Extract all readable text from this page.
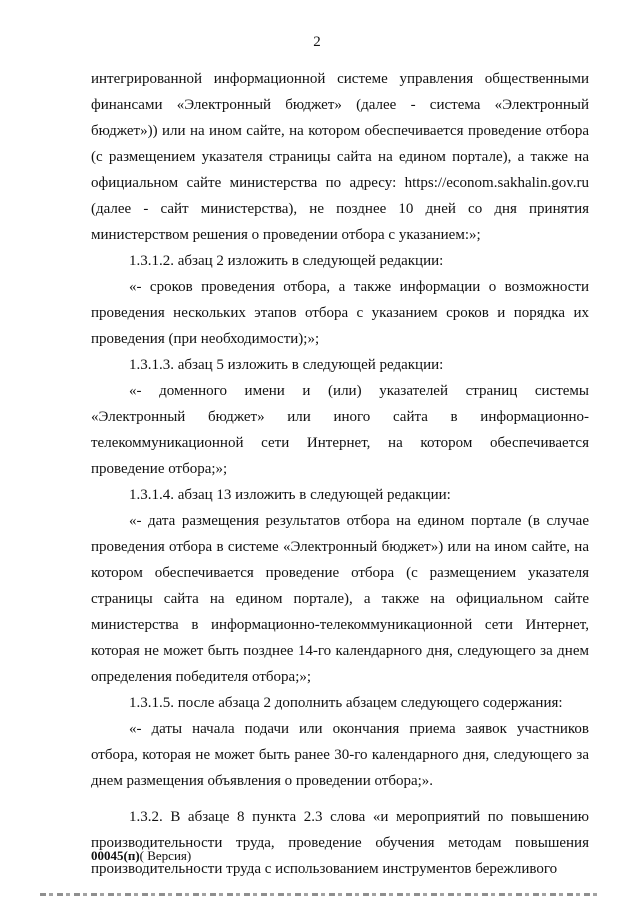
2

интегрированной информационной системе управления общественными финансами «Электронный бюджет» (далее - система «Электронный бюджет»)) или на ином сайте, на котором обеспечивается проведение отбора (с размещением указателя страницы сайта на едином портале), а также на официальном сайте министерства по адресу: https://econom.sakhalin.gov.ru (далее - сайт министерства), не позднее 10 дней со дня принятия министерством решения о проведении отбора с указанием:»;

1.3.1.2. абзац 2 изложить в следующей редакции:

«- сроков проведения отбора, а также информации о возможности проведения нескольких этапов отбора с указанием сроков и порядка их проведения (при необходимости);»;

1.3.1.3. абзац 5 изложить в следующей редакции:

«- доменного имени и (или) указателей страниц системы «Электронный бюджет» или иного сайта в информационно-телекоммуникационной сети Интернет, на котором обеспечивается проведение отбора;»;

1.3.1.4. абзац 13 изложить в следующей редакции:

«- дата размещения результатов отбора на едином портале (в случае проведения отбора в системе «Электронный бюджет») или на ином сайте, на котором обеспечивается проведение отбора (с размещением указателя страницы сайта на едином портале), а также на официальном сайте министерства в информационно-телекоммуникационной сети Интернет, которая не может быть позднее 14-го календарного дня, следующего за днем определения победителя отбора;»;

1.3.1.5. после абзаца 2 дополнить абзацем следующего содержания:

«- даты начала подачи или окончания приема заявок участников отбора, которая не может быть ранее 30-го календарного дня, следующего за днем размещения объявления о проведении отбора;».

1.3.2. В абзаце 8 пункта 2.3 слова «и мероприятий по повышению производительности труда, проведение обучения методам повышения производительности труда с использованием инструментов бережливого

00045(п)( Версия)
